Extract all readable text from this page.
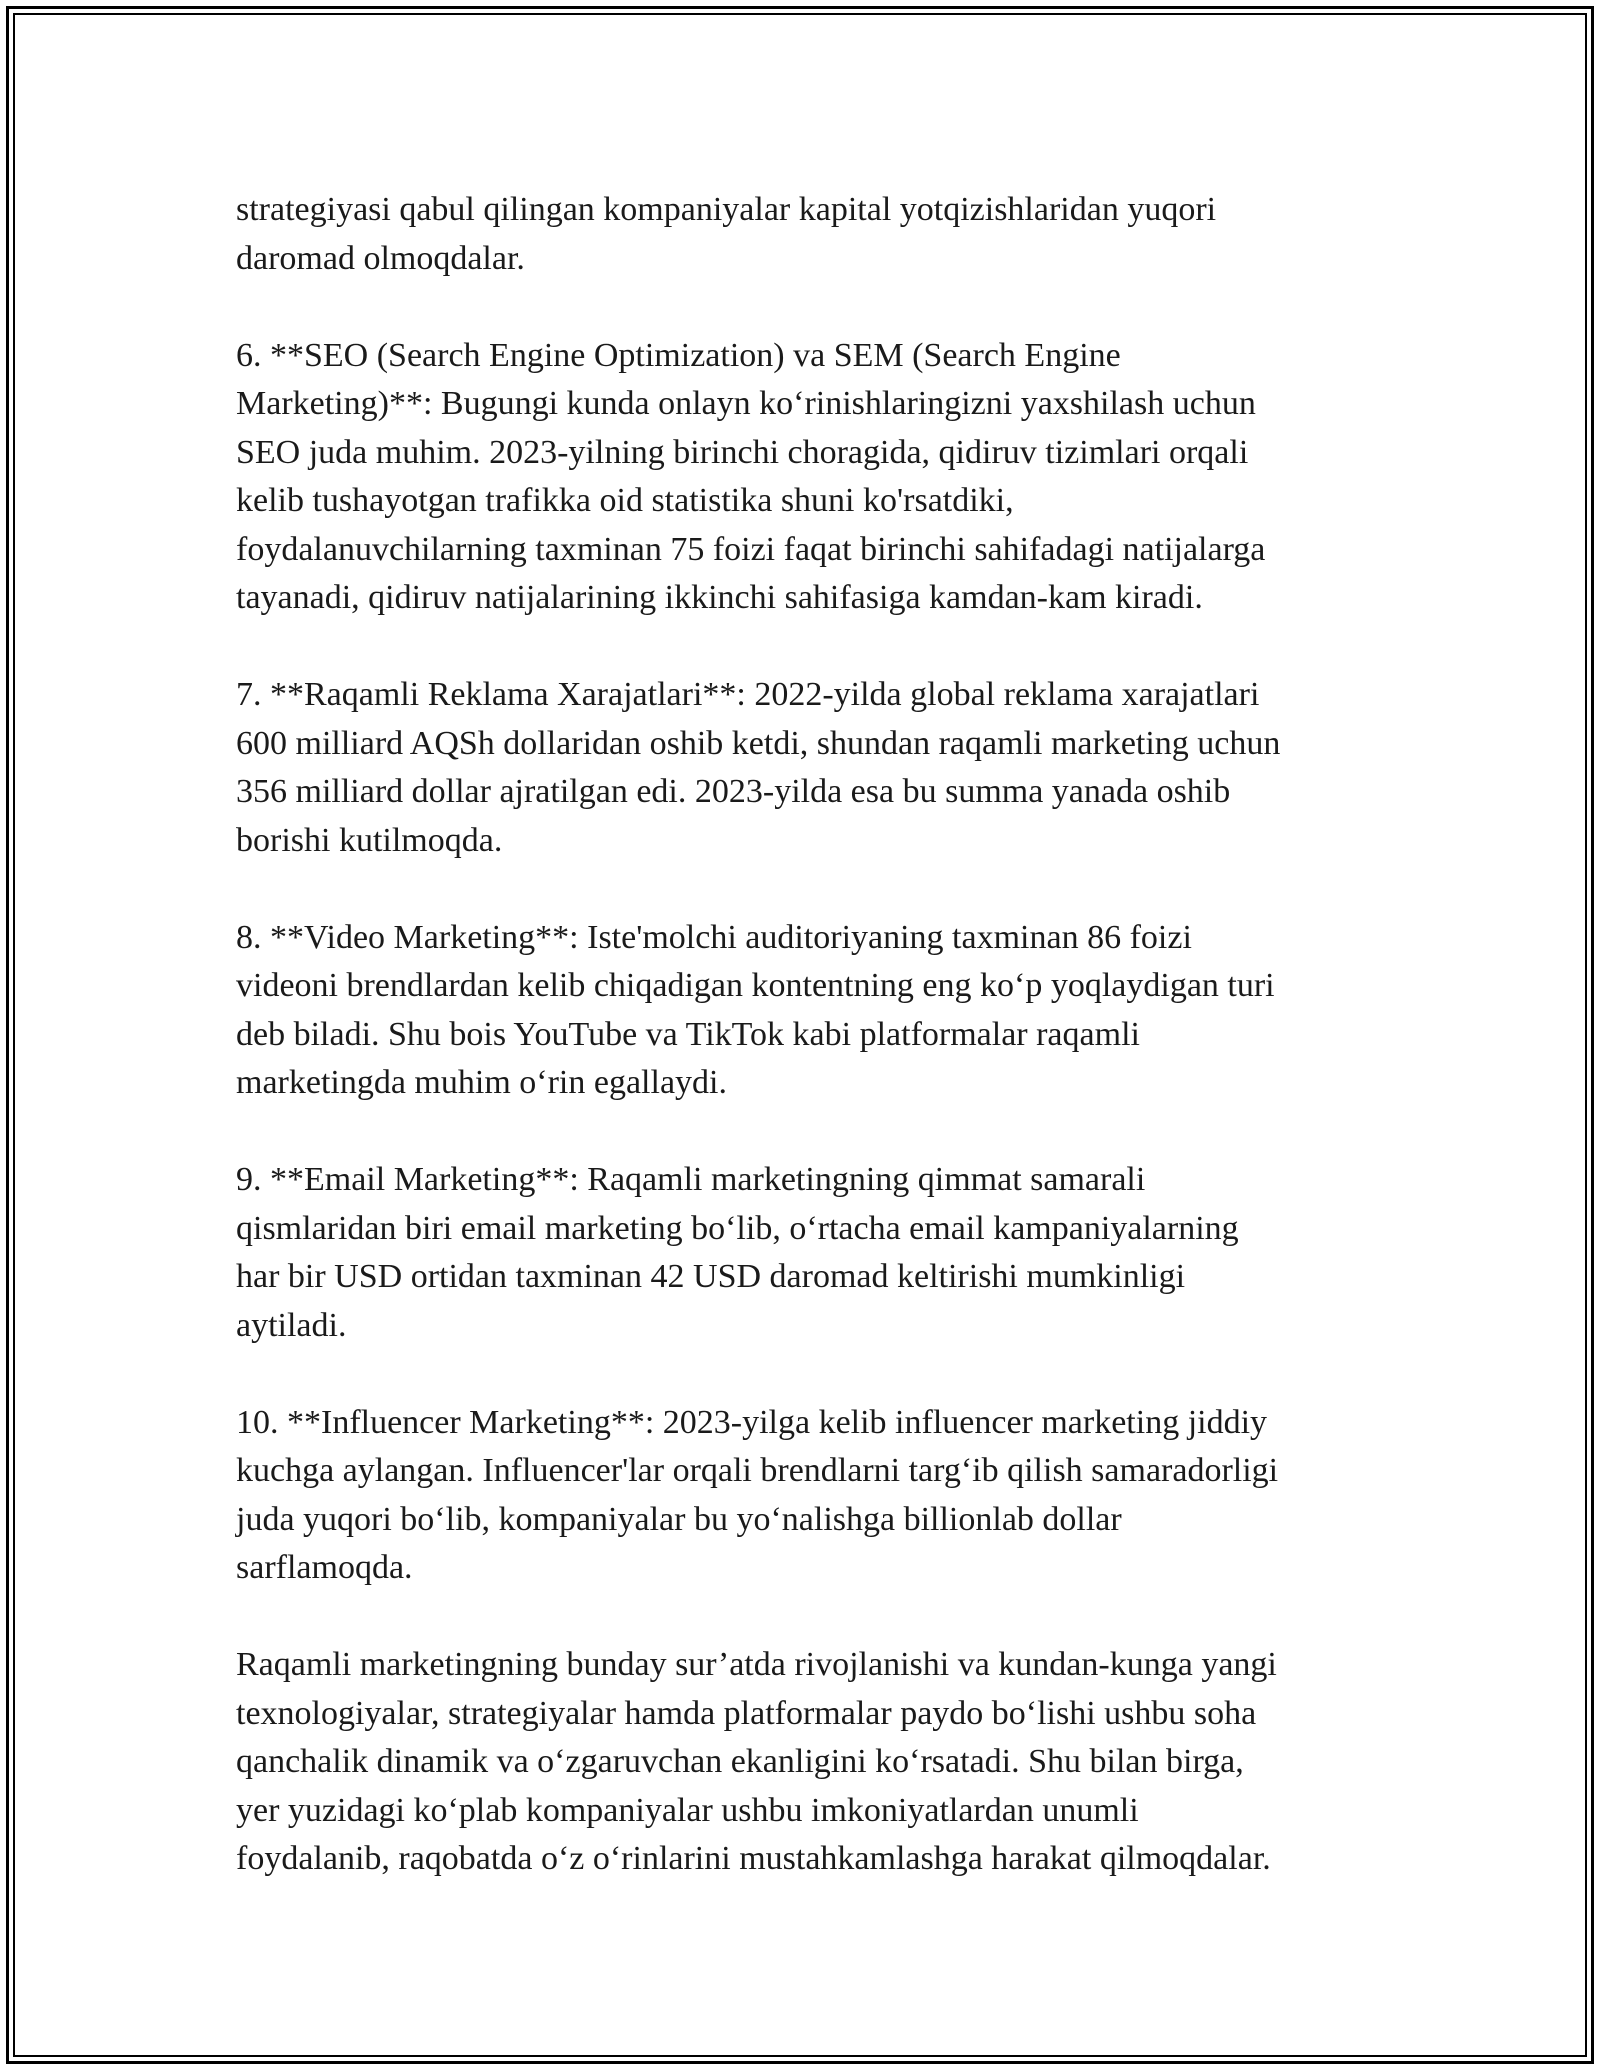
strategiyasi qabul qilingan kompaniyalar kapital yotqizishlaridan yuqori
daromad olmoqdalar.

6. **SEO (Search Engine Optimization) va SEM (Search Engine
Marketing)**: Bugungi kunda onlayn ko‘rinishlaringizni yaxshilash uchun
SEO juda muhim. 2023-yilning birinchi choragida, qidiruv tizimlari orqali
kelib tushayotgan trafikka oid statistika shuni ko'rsatdiki,
foydalanuvchilarning taxminan 75 foizi faqat birinchi sahifadagi natijalarga
tayanadi, qidiruv natijalarining ikkinchi sahifasiga kamdan-kam kiradi.

7. **Raqamli Reklama Xarajatlari**: 2022-yilda global reklama xarajatlari
600 milliard AQSh dollaridan oshib ketdi, shundan raqamli marketing uchun
356 milliard dollar ajratilgan edi. 2023-yilda esa bu summa yanada oshib
borishi kutilmoqda.

8. **Video Marketing**: Iste'molchi auditoriyaning taxminan 86 foizi
videoni brendlardan kelib chiqadigan kontentning eng ko‘p yoqlaydigan turi
deb biladi. Shu bois YouTube va TikTok kabi platformalar raqamli
marketingda muhim o‘rin egallaydi.

9. **Email Marketing**: Raqamli marketingning qimmat samarali
qismlaridan biri email marketing bo‘lib, o‘rtacha email kampaniyalarning
har bir USD ortidan taxminan 42 USD daromad keltirishi mumkinligi
aytiladi.

10. **Influencer Marketing**: 2023-yilga kelib influencer marketing jiddiy
kuchga aylangan. Influencer'lar orqali brendlarni targ‘ib qilish samaradorligi
juda yuqori bo‘lib, kompaniyalar bu yo‘nalishga billionlab dollar
sarflamoqda.

Raqamli marketingning bunday sur’atda rivojlanishi va kundan-kunga yangi
texnologiyalar, strategiyalar hamda platformalar paydo bo‘lishi ushbu soha
qanchalik dinamik va o‘zgaruvchan ekanligini ko‘rsatadi. Shu bilan birga,
yer yuzidagi ko‘plab kompaniyalar ushbu imkoniyatlardan unumli
foydalanib, raqobatda o‘z o‘rinlarini mustahkamlashga harakat qilmoqdalar.
